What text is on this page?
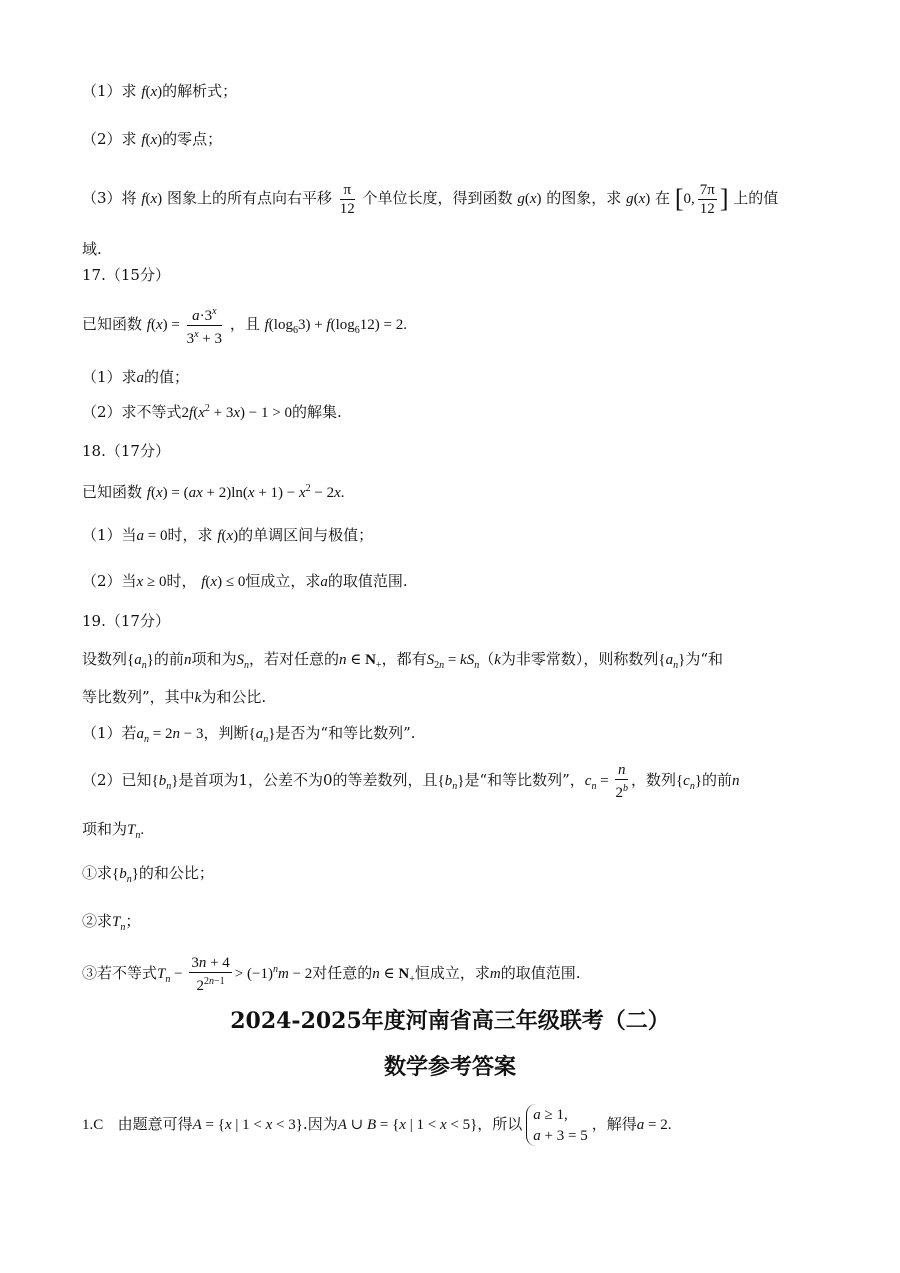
（1）求 f(x)的解析式；
（2）求 f(x)的零点；
（3）将 f(x) 图象上的所有点向右平移 $\frac{\pi}{12}$ 个单位长度，得到函数 g(x) 的图象，求 g(x) 在 [0, $\frac{7\pi}{12}$ ] 上的值
域.
17.（15分）
已知函数 $f(x) = \frac{a\cdot 3^x}{3^x + 3}$ ，且 $f(\log_63) + f(\log_612) = 2$.
（1）求a的值；
（2）求不等式$2f(x^2 + 3x) - 1 > 0$的解集.
18.（17分）
已知函数 $f(x) = (ax + 2)\ln(x + 1) - x^2 - 2x$.
（1）当a = 0时，求 f(x)的单调区间与极值；
（2）当x ≥ 0时， f(x) ≤ 0恒成立，求a的取值范围.
19.（17分）
设数列$\{a_n\}$的前n项和为$S_n$，若对任意的n ∈ $N_+$，都有$S_{2n} = kS_n(k$为非零常数），则称数列$\{a_n\}$为“和
等比数列”，其中k为和公比.
（1）若$a_n = 2n - 3$，判断$\{a_n\}$是否为“和等比数列”.
（2）已知$\{b_n\}$是首项为1，公差不为0的等差数列，且$\{b_n\}$是“和等比数列”，$c_n = \frac{n}{2^b}$ ，数列$\{c_n\}$的前n
项和为$T_n$.
①求$\{b_n\}$的和公比；
②求$T_n$；
③若不等式$T_n - \frac{3n + 4}{2^{2n-1}} > (-1)^nm - 2$对任意的n ∈ $N_+$恒成立，求m的取值范围.
2024-2025年度河南省高三年级联考（二）
数学参考答案
1.C 由题意可得A = {x | 1 < x < 3}.因为A ∪ B = {x | 1 < x < 5}，所以 a ≥ 1,
a + 3 = 5
，解得a = 2.
